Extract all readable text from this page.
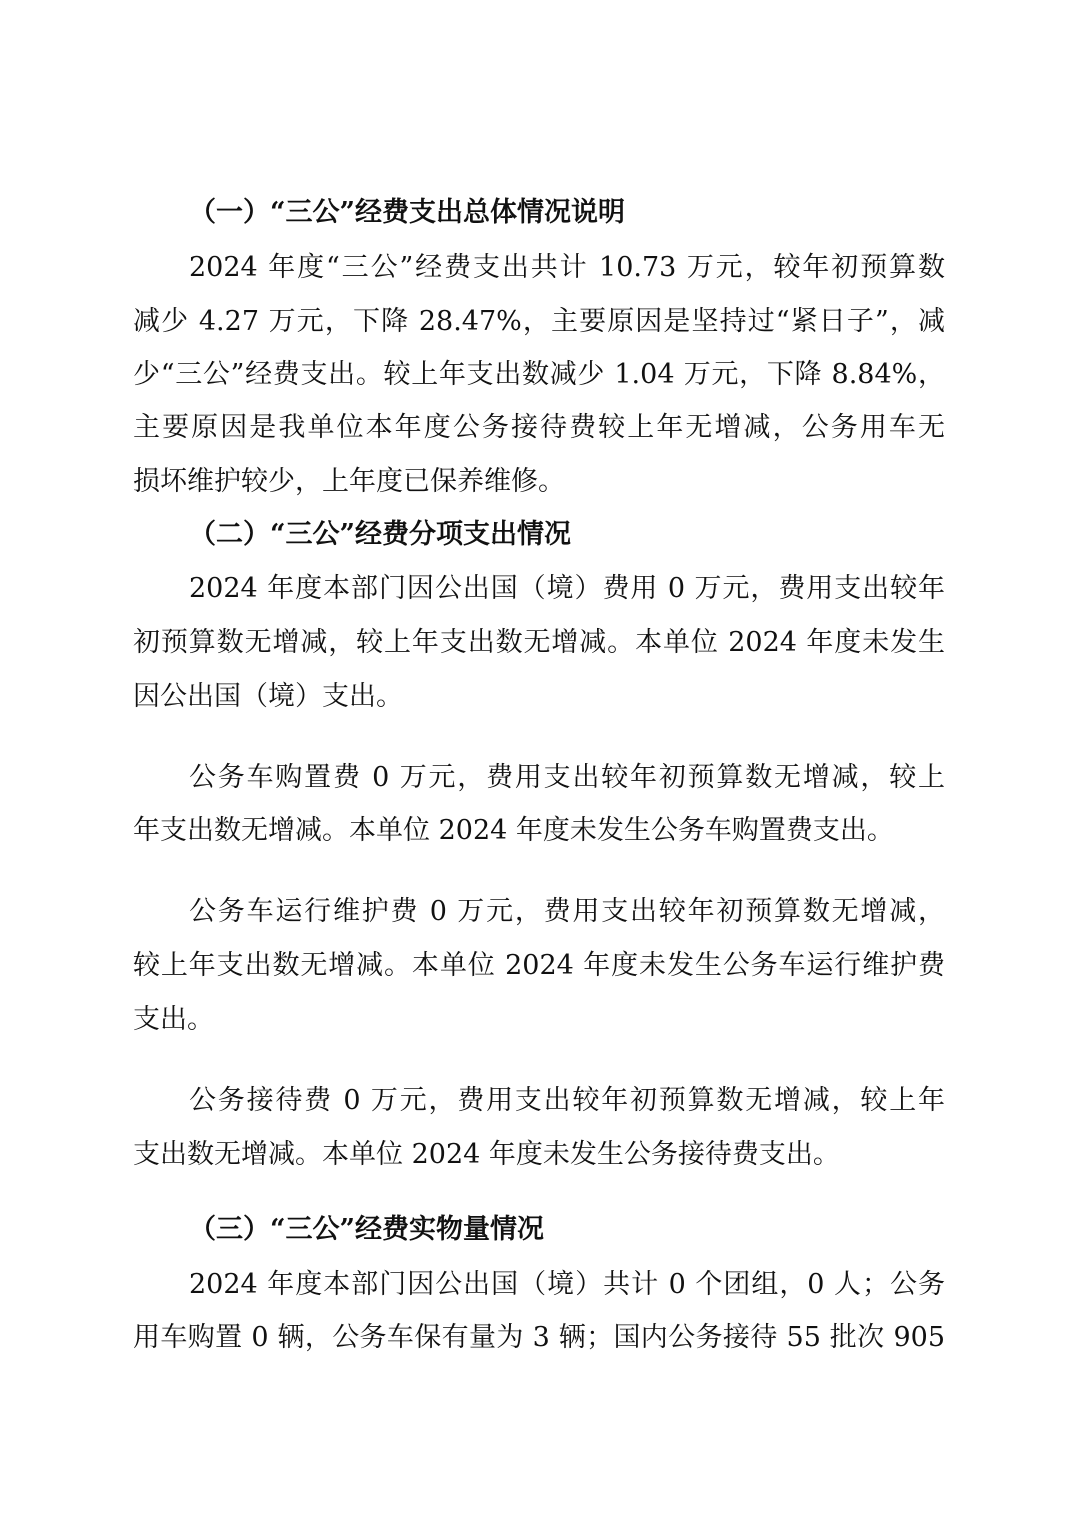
（一）“三公”经费支出总体情况说明
2024 年度“三公”经费支出共计 10.73 万元，较年初预算数
减少 4.27 万元，下降 28.47%，主要原因是坚持过“紧日子”，减
少“三公”经费支出。较上年支出数减少 1.04 万元，下降 8.84%，
主要原因是我单位本年度公务接待费较上年无增减，公务用车无
损坏维护较少，上年度已保养维修。
（二）“三公”经费分项支出情况
2024 年度本部门因公出国（境）费用 0 万元，费用支出较年
初预算数无增减，较上年支出数无增减。本单位 2024 年度未发生
因公出国（境）支出。
公务车购置费 0 万元，费用支出较年初预算数无增减，较上
年支出数无增减。本单位 2024 年度未发生公务车购置费支出。
公务车运行维护费 0 万元，费用支出较年初预算数无增减，
较上年支出数无增减。本单位 2024 年度未发生公务车运行维护费
支出。
公务接待费 0 万元，费用支出较年初预算数无增减，较上年
支出数无增减。本单位 2024 年度未发生公务接待费支出。
（三）“三公”经费实物量情况
2024 年度本部门因公出国（境）共计 0 个团组，0 人；公务
用车购置 0 辆，公务车保有量为 3 辆；国内公务接待 55 批次 905
